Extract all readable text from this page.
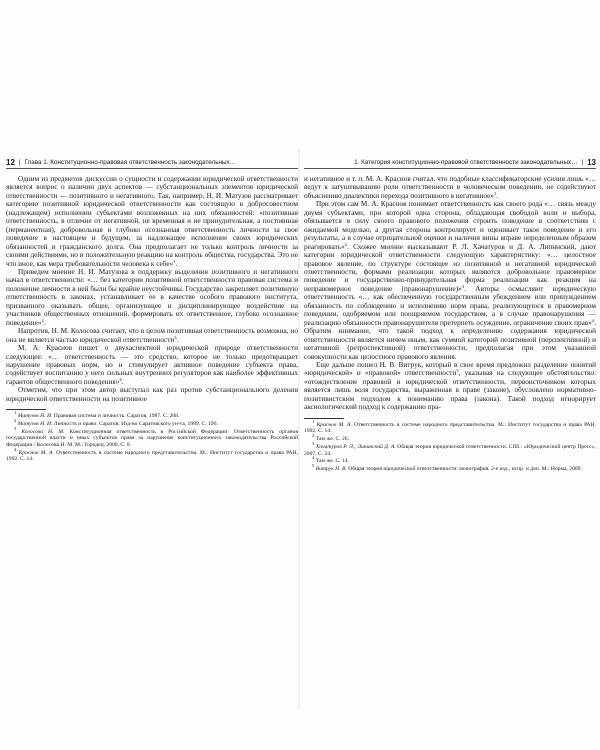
12 | Глава 1. Конституционно-правовая ответственность законодательных…

Одним из предметов дискуссии о сущности и содержании юридической ответственности является вопрос о наличии двух аспектов — субстанциональных элементов юридической ответственности — позитивного и негативного. Так, например, Н. И. Матузов рассматривает категорию позитивной юридической ответственности как состоящую в добросовестном (надлежащем) исполнении субъектами возложенных на них обязанностей: «позитивная ответственность, в отличие от негативной, не временная и не принудительная, а постоянная (перманентная), добровольная и глубоко осознанная ответственность личности за свое поведение в настоящем и будущем, за надлежащее исполнение своих юридических обязанностей и гражданского долга. Она предполагает не только контроль личности за своими действиями, но и положительную реакцию на контроль общества, государства. Это не что иное, как мера требовательности человека к себе»$^1$.

Приведем мнение Н. И. Матузова в поддержку выделения позитивного и негативного начал в ответственности: «… без категории позитивной ответственности правовая система и положение личности в ней были бы крайне неустойчивы. Государство закрепляет позитивную ответственность в законах, устанавливает ее в качестве особого правового института, призванного оказывать общее, организующее и дисциплинирующее воздействие на участников общественных отношений, формировать их ответственное, глубоко осознанное поведение»$^2$.

Напротив, Н. М. Колосова считает, что в целом позитивная ответственность возможна, но она не является частью юридической ответственности$^3$.

М. А. Краснов пишет о двухаспектной юридической природе ответственности следующее: «… ответственность — это средство, которое не только предотвращает нарушение правовых норм, но и стимулирует активное поведение субъекта права, содействует воспитанию у него сильных внутренних регуляторов как наиболее эффективных гарантов общественного поведения»$^4$.

Отметим, что при этом автор выступал как раз против субстанционального деления юридической ответственности на позитивное

$^1$ Матузов Н. И. Правовая система и личность. Саратов, 1987. С. 208.

$^2$ Матузов Н. И. Личность и право. Саратов: Изд-во Саратовского ун-та, 1989. С. 196.

$^3$ Колосова Н. М. Конституционная ответственность в Российской Федерации: Ответственность органов государственной власти и иных субъектов права за нарушение конституционного законодательства Российской Федерации / Колосова Н. М. М.: Городец, 2000. С. 8.

$^4$ Краснов М. А. Ответственность в системе народного представительства. М.: Институт государства и права РАН, 1992. С. 14.

1. Категория конституционно-правовой ответственности законодательных… | 13

и негативное и т. п. М. А. Краснов считал, что подобные классификаторские усилия лишь «… ведут к затушевыванию роли ответственности в человеческом поведении, не содействуют объяснению диалектики перехода позитивного в негативное»$^1$.

При этом сам М. А. Краснов понимает ответственность как своего рода «… связь между двумя субъектами, при которой одна сторона, обладающая свободой воли и выбора, обязывается в силу своего правового положения строить поведение в соответствии с ожидаемой моделью, а другая сторона контролирует и оценивает такое поведение и его результаты, а в случае отрицательной оценки и наличия вины вправе определенным образом реагировать»$^2$. Схожее мнение высказывают Р. Л. Хачатуров и Д. А. Липинский, дают категории юридической ответственности следующую характеристику: «… целостное правовое явление, по структуре состоящее из позитивной и негативной юридической ответственности, формами реализации которых являются добровольное правомерное поведение и государственно-принудительная форма реализации как реакция на неправомерное поведение (правонарушение)»$^3$. Авторы осмысляют юридическую ответственность «… как обеспеченную государственным убеждением или принуждением обязанность по соблюдению и исполнению норм права, реализующуюся в правомерном поведении, одобряемом или поощряемом государством, а в случае правонарушения — реализацию обязанности правонарушителя претерпеть осуждение, ограничение своих прав»$^4$. Обратим внимание, что такой подход к определению содержания юридической ответственности является ничем иным, как суммой категорий позитивной (перспективной) и негативной (ретроспективной) ответственности, предполагая при этом указанной совокупности как целостного правового явления.

Еще дальше пошел Н. В. Витрук, который в свое время предложил разделение понятий «юридической» и «правовой» ответственности$^5$, указывая на следующее обстоятельство: «отождествление правовой и юридической ответственности, первоисточником которых является лишь воля государства, выраженная в праве (законе), обусловлено нормативно-позитивистским подходом к пониманию права (закона). Такой подход игнорирует аксиологический подход к содержанию пра-

$^1$ Краснов М. А. Ответственность в системе народного представительства. М.: Институт государства и права РАН, 1992. С. 14.

$^2$ Там же. С. 26.

$^3$ Хачатуров Р. Л., Липинский Д. А. Общая теория юридической ответственности. СПб.: «Юридический центр Пресс», 2007. С. 24.

$^4$ Там же. С. 14.

$^5$ Витрук Н. В. Общая теория юридической ответственности: монография. 2-е изд., испр. и доп. М.: Норма, 2009.
